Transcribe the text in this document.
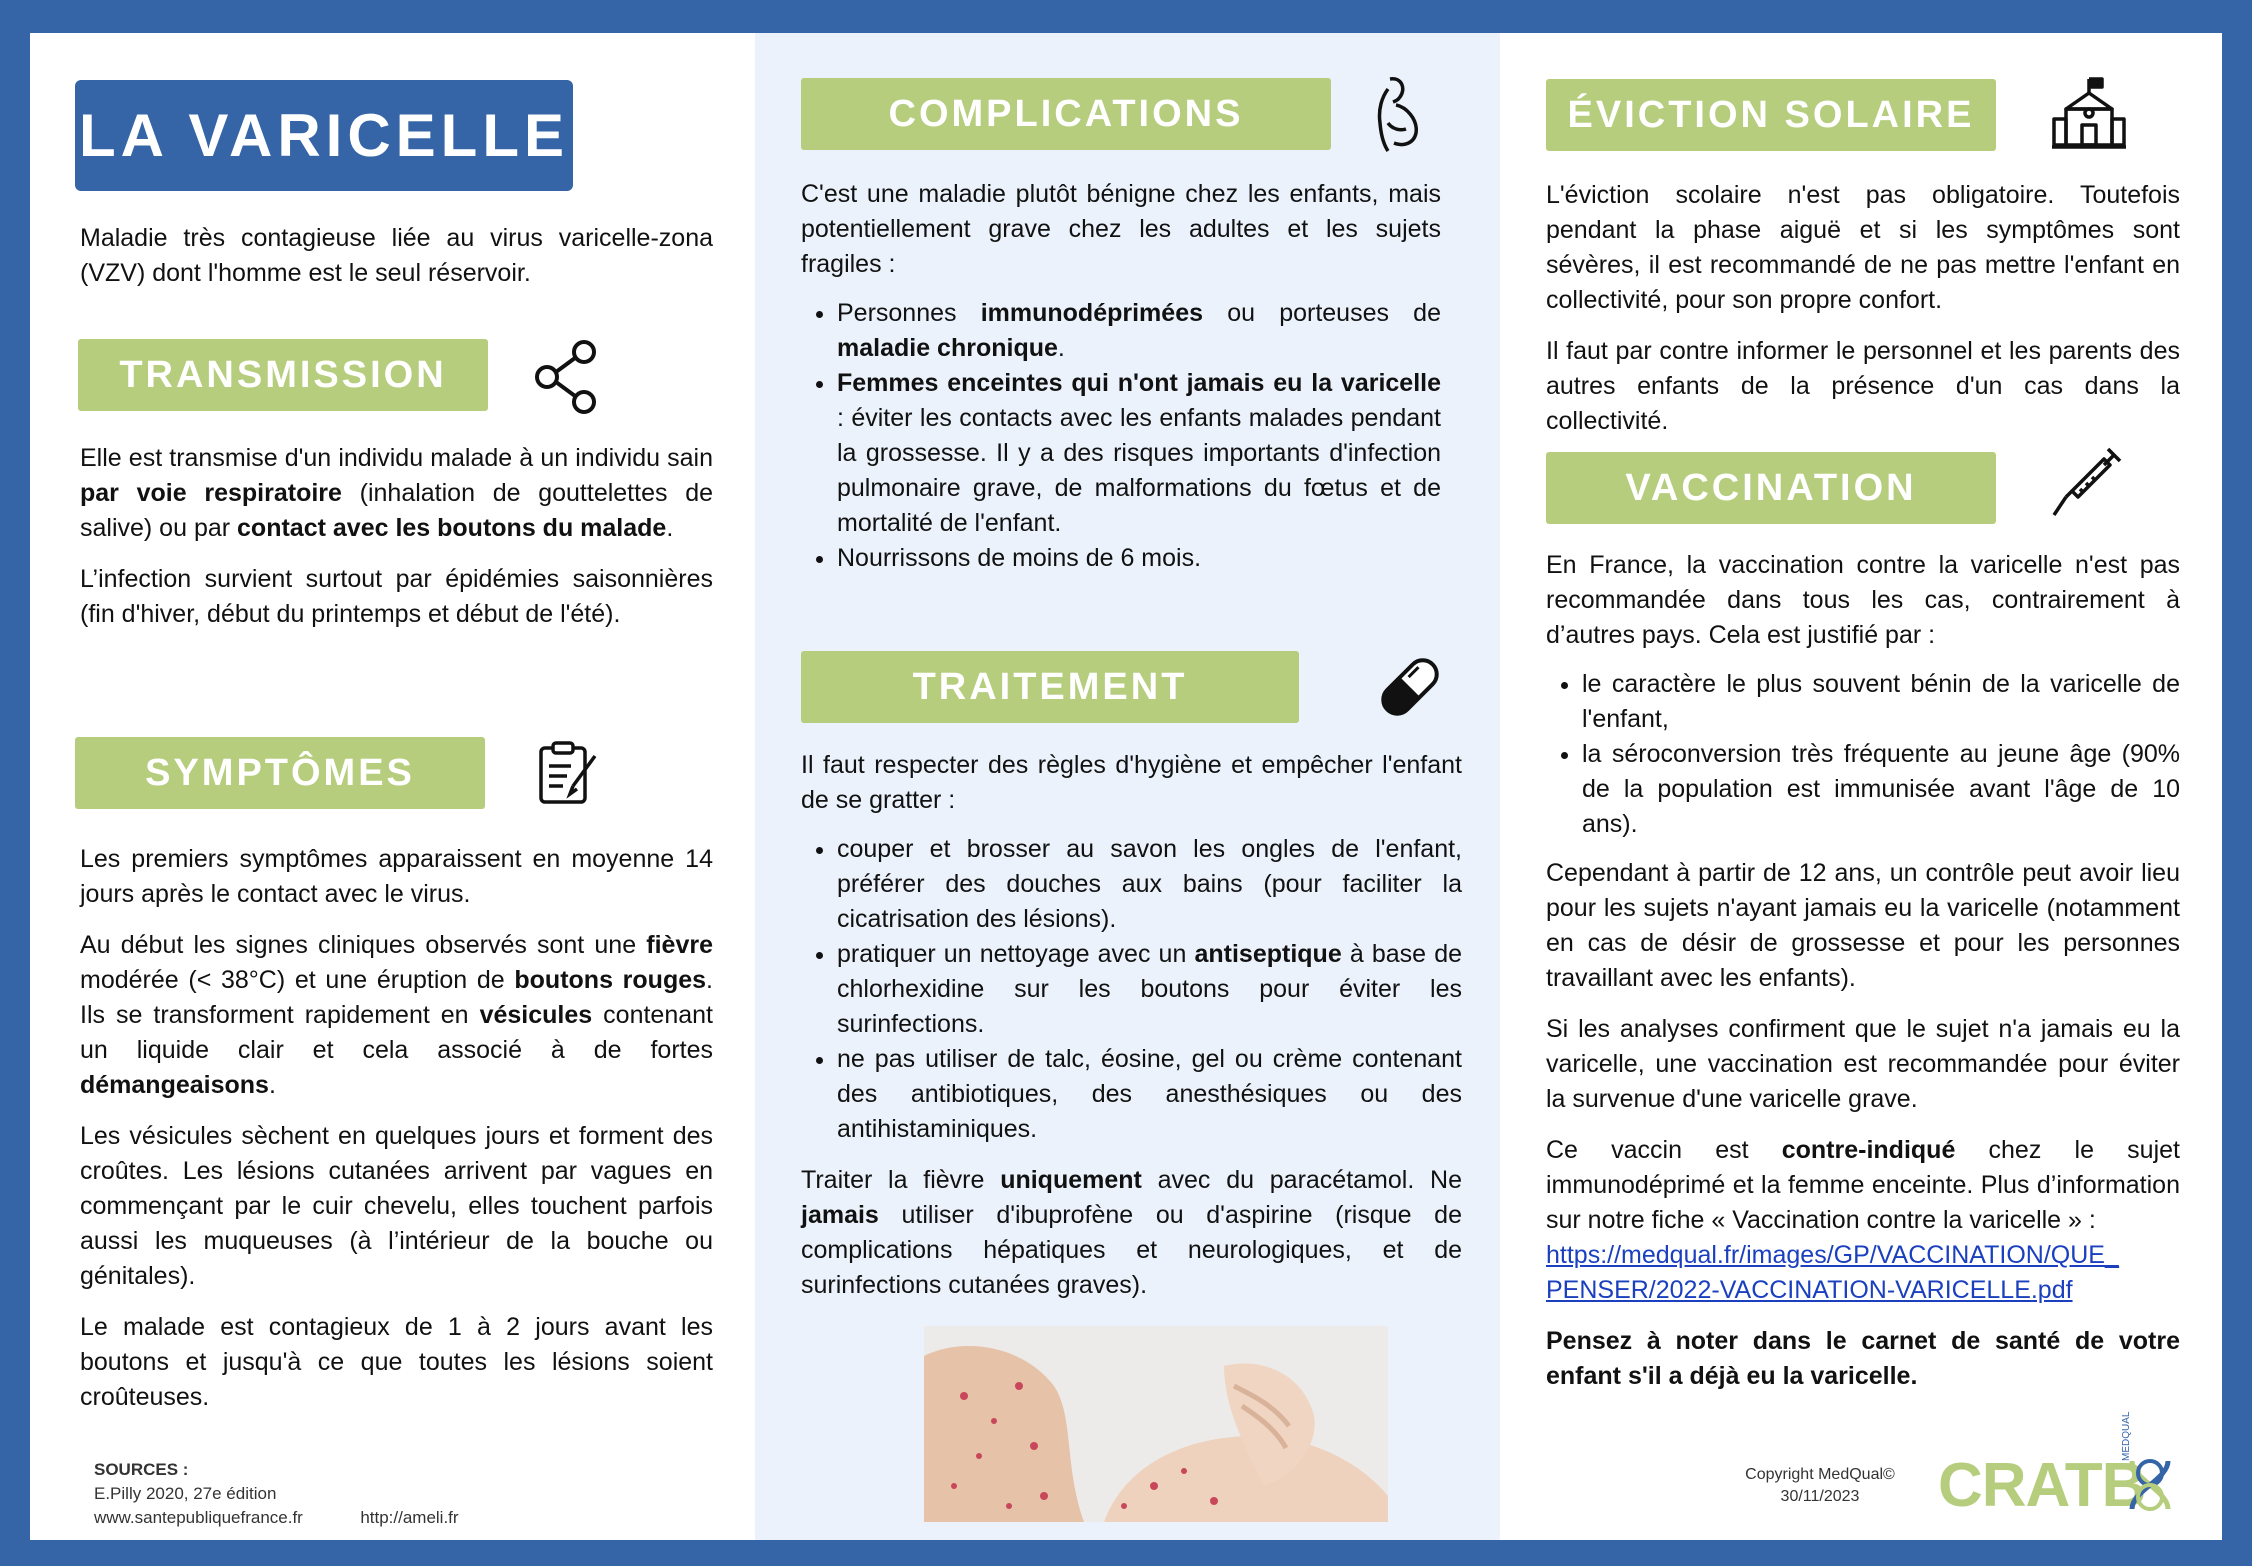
LA VARICELLE

Maladie très contagieuse liée au virus varicelle-zona (VZV) dont l'homme est le seul réservoir.

TRANSMISSION

Elle est transmise d'un individu malade à un individu sain par voie respiratoire (inhalation de gouttelettes de salive) ou par contact avec les boutons du malade.

L’infection survient surtout par épidémies saisonnières (fin d'hiver, début du printemps et début de l'été).

SYMPTÔMES

Les premiers symptômes apparaissent en moyenne 14 jours après le contact avec le virus.

Au début les signes cliniques observés sont une fièvre modérée (< 38°C) et une éruption de boutons rouges. Ils se transforment rapidement en vésicules contenant un liquide clair et cela associé à de fortes démangeaisons.

Les vésicules sèchent en quelques jours et forment des croûtes. Les lésions cutanées arrivent par vagues en commençant par le cuir chevelu, elles touchent parfois aussi les muqueuses (à l’intérieur de la bouche ou génitales).

Le malade est contagieux de 1 à 2 jours avant les boutons et jusqu'à ce que toutes les lésions soient croûteuses.

SOURCES :
E.Pilly 2020, 27e édition
www.santepubliquefrance.fr	http://ameli.fr
COMPLICATIONS

C'est une maladie plutôt bénigne chez les enfants, mais potentiellement grave chez les adultes et les sujets fragiles :

• Personnes immunodéprimées ou porteuses de maladie chronique.
• Femmes enceintes qui n'ont jamais eu la varicelle : éviter les contacts avec les enfants malades pendant la grossesse. Il y a des risques importants d'infection pulmonaire grave, de malformations du fœtus et de mortalité de l'enfant.
• Nourrissons de moins de 6 mois.
TRAITEMENT

Il faut respecter des règles d'hygiène et empêcher l'enfant de se gratter :

• couper et brosser au savon les ongles de l'enfant, préférer des douches aux bains (pour faciliter la cicatrisation des lésions).
• pratiquer un nettoyage avec un antiseptique à base de chlorhexidine sur les boutons pour éviter les surinfections.
• ne pas utiliser de talc, éosine, gel ou crème contenant des antibiotiques, des anesthésiques ou des antihistaminiques.

Traiter la fièvre uniquement avec du paracétamol. Ne jamais utiliser d'ibuprofène ou d'aspirine (risque de complications hépatiques et neurologiques, et de surinfections cutanées graves).

ÉVICTION SOLAIRE

L'éviction scolaire n'est pas obligatoire. Toutefois pendant la phase aiguë et si les symptômes sont sévères, il est recommandé de ne pas mettre l'enfant en collectivité, pour son propre confort.

Il faut par contre informer le personnel et les parents des autres enfants de la présence d'un cas dans la collectivité.

VACCINATION

En France, la vaccination contre la varicelle n'est pas recommandée dans tous les cas, contrairement à d’autres pays. Cela est justifié par :

• le caractère le plus souvent bénin de la varicelle de l'enfant,
• la séroconversion très fréquente au jeune âge (90% de la population est immunisée avant l'âge de 10 ans).

Cependant à partir de 12 ans, un contrôle peut avoir lieu pour les sujets n'ayant jamais eu la varicelle (notamment en cas de désir de grossesse et pour les personnes travaillant avec les enfants).

Si les analyses confirment que le sujet n'a jamais eu la varicelle, une vaccination est recommandée pour éviter la survenue d'une varicelle grave.

Ce vaccin est contre-indiqué chez le sujet immunodéprimé et la femme enceinte. Plus d’information sur notre fiche « Vaccination contre la varicelle » :

https://medqual.fr/images/GP/VACCINATION/QUE_
PENSER/2022-VACCINATION-VARICELLE.pdf

Pensez à noter dans le carnet de santé de votre enfant s'il a déjà eu la varicelle.

Copyright MedQual©
30/11/2023	CRATB
MEDQUAL
